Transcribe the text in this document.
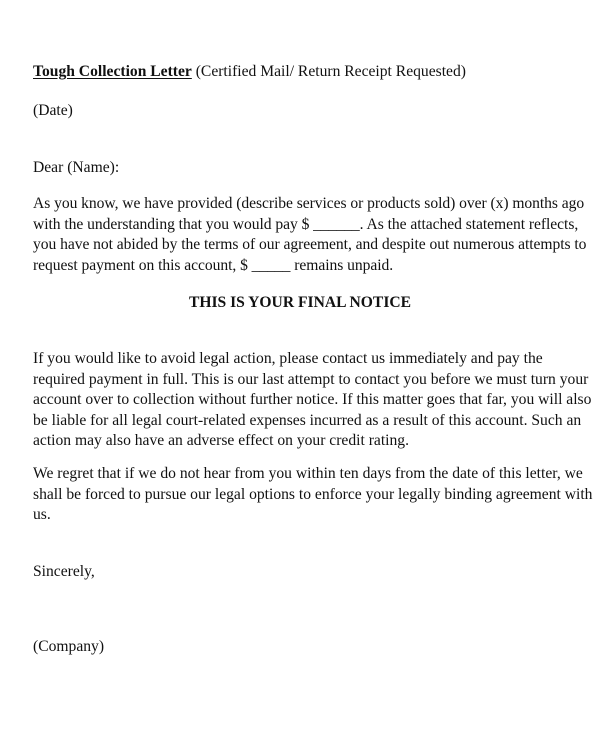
Tough Collection Letter (Certified Mail/ Return Receipt Requested)
(Date)
Dear (Name):
As you know, we have provided (describe services or products sold) over (x) months ago
with the understanding that you would pay $ ______. As the attached statement reflects,
you have not abided by the terms of our agreement, and despite out numerous attempts to
request payment on this account, $ _____ remains unpaid.
THIS IS YOUR FINAL NOTICE
If you would like to avoid legal action, please contact us immediately and pay the
required payment in full. This is our last attempt to contact you before we must turn your
account over to collection without further notice. If this matter goes that far, you will also
be liable for all legal court-related expenses incurred as a result of this account. Such an
action may also have an adverse effect on your credit rating.
We regret that if we do not hear from you within ten days from the date of this letter, we
shall be forced to pursue our legal options to enforce your legally binding agreement with
us.
Sincerely,
(Company)
